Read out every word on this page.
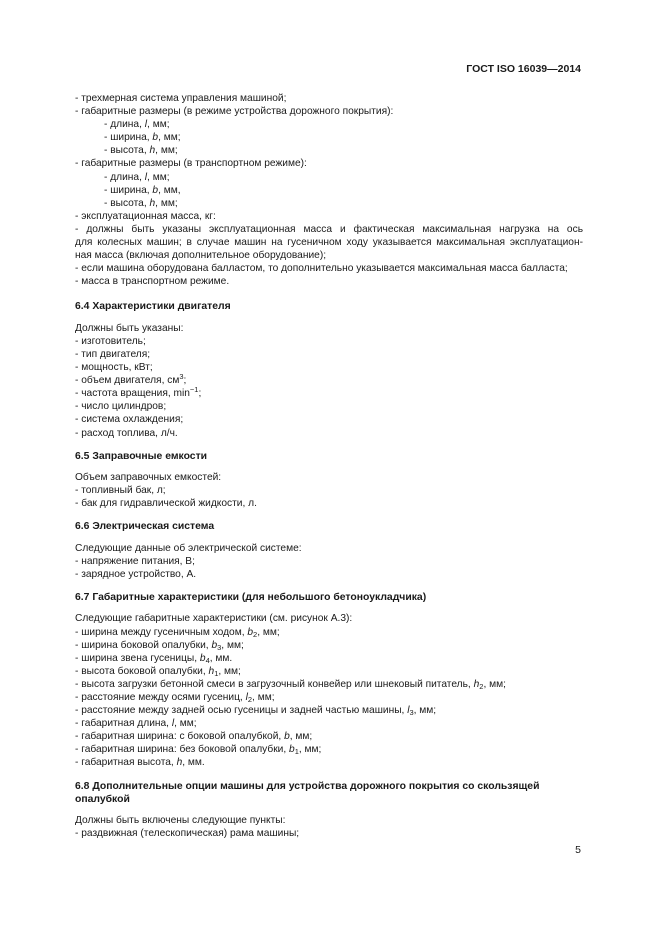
ГОСТ ISO 16039—2014
- трехмерная система управления машиной;
- габаритные размеры (в режиме устройства дорожного покрытия):
- длина, l, мм;
- ширина, b, мм;
- высота, h, мм;
- габаритные размеры (в транспортном режиме):
- длина, l, мм;
- ширина, b, мм,
- высота, h, мм;
- эксплуатационная масса, кг:
- должны быть указаны эксплуатационная масса и фактическая максимальная нагрузка на ось
для колесных машин; в случае машин на гусеничном ходу указывается максимальная эксплуатацион-
ная масса (включая дополнительное оборудование);
- если машина оборудована балластом, то дополнительно указывается максимальная масса балласта;
- масса в транспортном режиме.
6.4 Характеристики двигателя
Должны быть указаны:
- изготовитель;
- тип двигателя;
- мощность, кВт;
- объем двигателя, $см^3$;
- частота вращения, $\min^{-1}$;
- число цилиндров;
- система охлаждения;
- расход топлива, л/ч.
6.5 Заправочные емкости
Объем заправочных емкостей:
- топливный бак, л;
- бак для гидравлической жидкости, л.
6.6 Электрическая система
Следующие данные об электрической системе:
- напряжение питания, В;
- зарядное устройство, А.
6.7 Габаритные характеристики (для небольшого бетоноукладчика)
Следующие габаритные характеристики (см. рисунок А.3):
- ширина между гусеничным ходом, $b_2$, мм;
- ширина боковой опалубки, $b_3$, мм;
- ширина звена гусеницы, $b_4$, мм.
- высота боковой опалубки, $h_1$, мм;
- высота загрузки бетонной смеси в загрузочный конвейер или шнековый питатель, $h_2$, мм;
- расстояние между осями гусениц, $l_2$, мм;
- расстояние между задней осью гусеницы и задней частью машины, $l_3$, мм;
- габаритная длина, l, мм;
- габаритная ширина: с боковой опалубкой, b, мм;
- габаритная ширина: без боковой опалубки, $b_1$, мм;
- габаритная высота, h, мм.
6.8 Дополнительные опции машины для устройства дорожного покрытия со скользящей опалубкой
Должны быть включены следующие пункты:
- раздвижная (телескопическая) рама машины;
5
